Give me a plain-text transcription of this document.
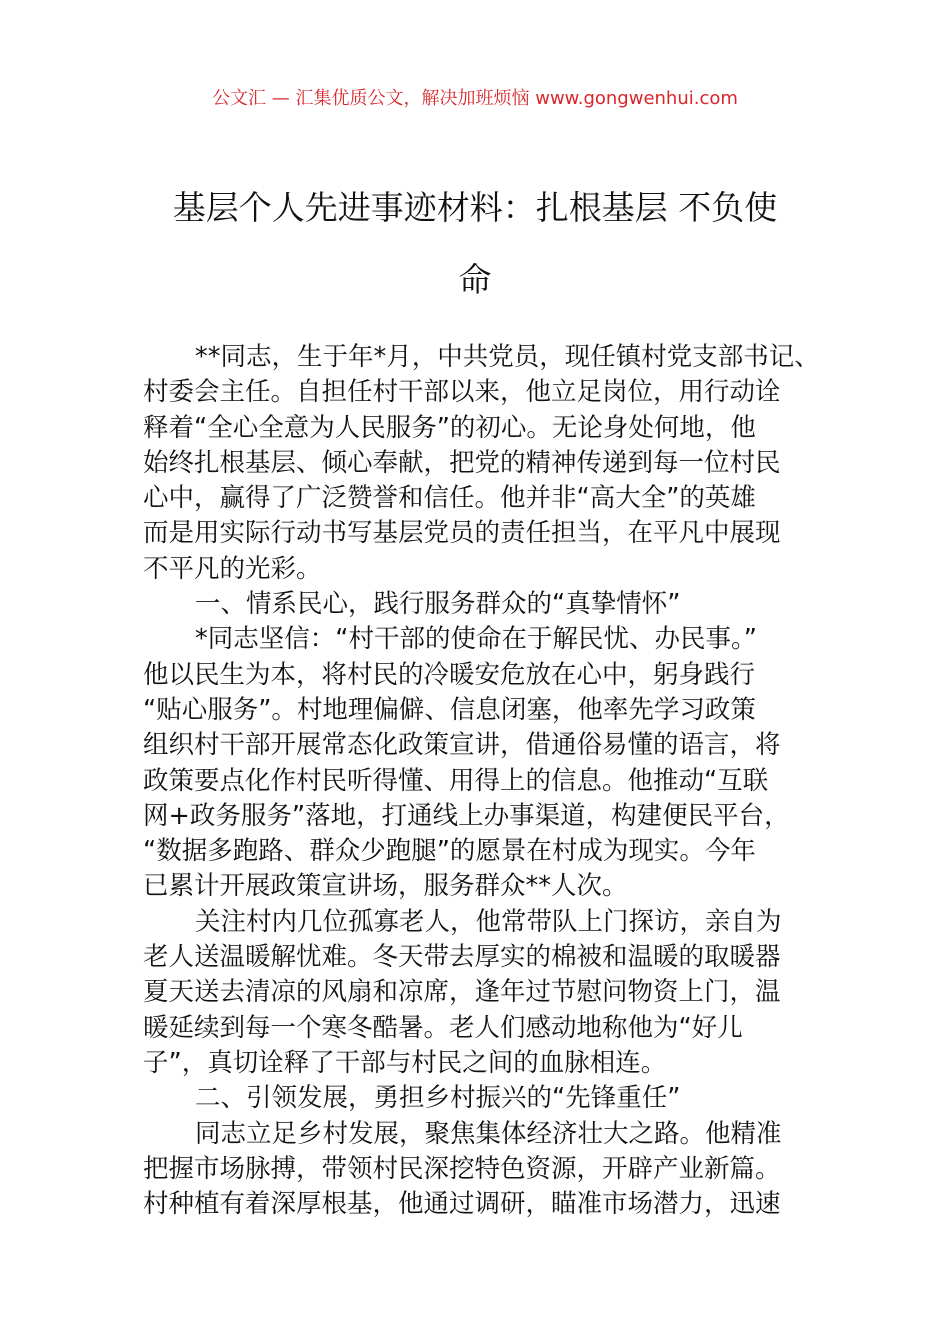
公文汇 — 汇集优质公文，解决加班烦恼 www.gongwenhui.com
基层个人先进事迹材料：扎根基层 不负使
命
**同志，生于年*月，中共党员，现任镇村党支部书记、
村委会主任。自担任村干部以来，他立足岗位，用行动诠
释着“全心全意为人民服务”的初心。无论身处何地，他
始终扎根基层、倾心奉献，把党的精神传递到每一位村民
心中，赢得了广泛赞誉和信任。他并非“高大全”的英雄
而是用实际行动书写基层党员的责任担当，在平凡中展现
不平凡的光彩。
一、情系民心，践行服务群众的“真挚情怀”
*同志坚信：“村干部的使命在于解民忧、办民事。”
他以民生为本，将村民的冷暖安危放在心中，躬身践行
“贴心服务”。村地理偏僻、信息闭塞，他率先学习政策
组织村干部开展常态化政策宣讲，借通俗易懂的语言，将
政策要点化作村民听得懂、用得上的信息。他推动“互联
网+政务服务”落地，打通线上办事渠道，构建便民平台，
“数据多跑路、群众少跑腿”的愿景在村成为现实。今年
已累计开展政策宣讲场，服务群众**人次。
关注村内几位孤寡老人，他常带队上门探访，亲自为
老人送温暖解忧难。冬天带去厚实的棉被和温暖的取暖器
夏天送去清凉的风扇和凉席，逢年过节慰问物资上门，温
暖延续到每一个寒冬酷暑。老人们感动地称他为“好儿
子”，真切诠释了干部与村民之间的血脉相连。
二、引领发展，勇担乡村振兴的“先锋重任”
同志立足乡村发展，聚焦集体经济壮大之路。他精准
把握市场脉搏，带领村民深挖特色资源，开辟产业新篇。
村种植有着深厚根基，他通过调研，瞄准市场潜力，迅速
